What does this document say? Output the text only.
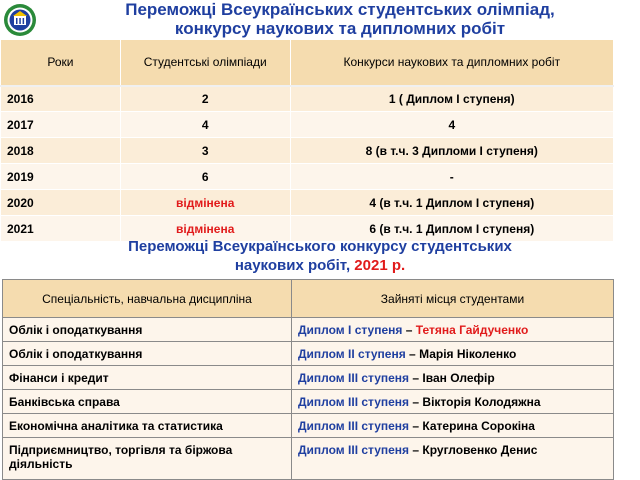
Переможці Всеукраїнських студентських олімпіад,
конкурсу наукових та дипломних робіт
Роки	Студентські олімпіади	Конкурси наукових та дипломних робіт
2016	2	1 ( Диплом І ступеня)
2017	4	4
2018	3	8 (в т.ч. 3 Дипломи І ступеня)
2019	6	-
2020	відмінена	4 (в т.ч. 1 Диплом І ступеня)
2021	відмінена	6 (в т.ч. 1 Диплом І ступеня)
Переможці Всеукраїнського конкурсу студентських
наукових робіт, 2021 р.
Спеціальність, навчальна дисципліна	Зайняті місця студентами
Облік і оподаткування	Диплом І ступеня – Тетяна Гайдученко
Облік і оподаткування	Диплом ІІ ступеня – Марія Ніколенко
Фінанси і кредит	Диплом ІІІ ступеня – Іван Олефір
Банківська справа	Диплом ІІІ ступеня – Вікторія Колодяжна
Економічна аналітика та статистика	Диплом ІІІ ступеня – Катерина Сорокіна
Підприємництво, торгівля та біржова діяльність	Диплом ІІІ ступеня – Кругловенко Денис
